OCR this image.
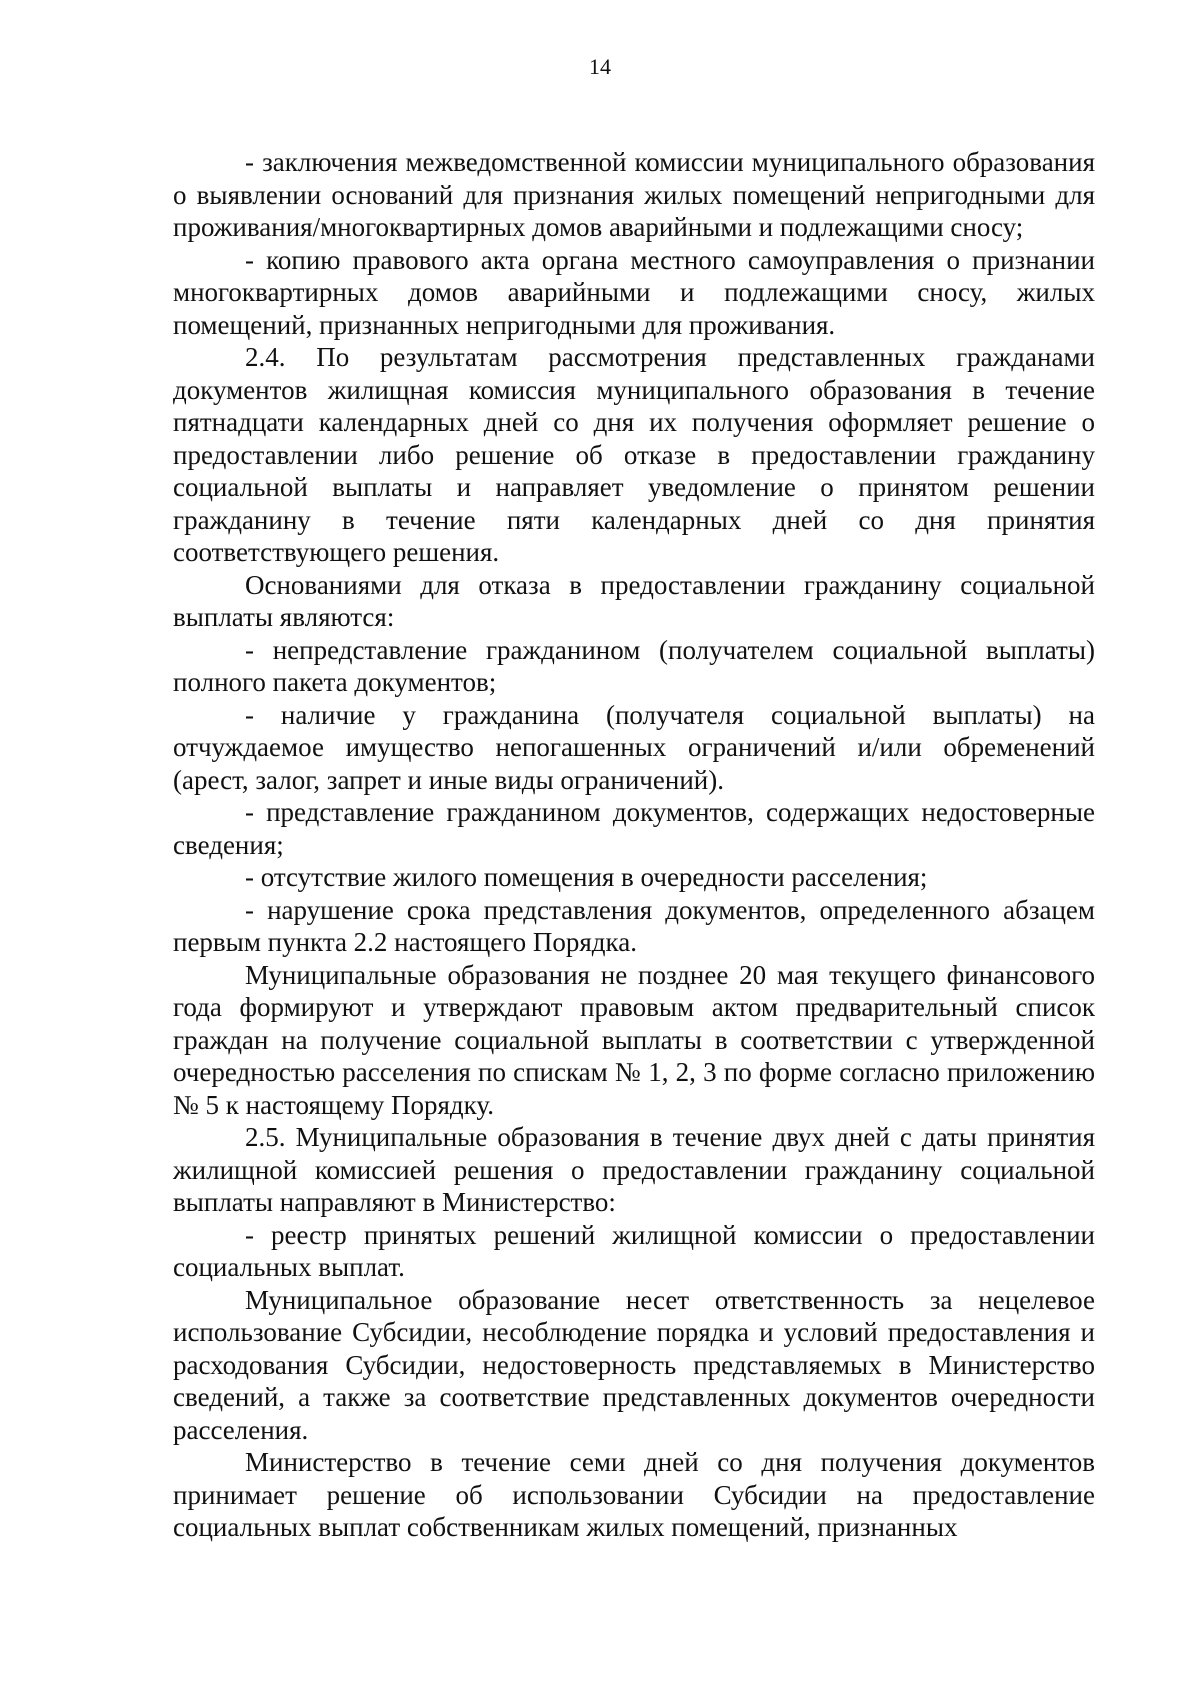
14

- заключения межведомственной комиссии муниципального образования о выявлении оснований для признания жилых помещений непригодными для проживания/многоквартирных домов аварийными и подлежащими сносу;

- копию правового акта органа местного самоуправления о признании многоквартирных домов аварийными и подлежащими сносу, жилых помещений, признанных непригодными для проживания.

2.4. По результатам рассмотрения представленных гражданами документов жилищная комиссия муниципального образования в течение пятнадцати календарных дней со дня их получения оформляет решение о предоставлении либо решение об отказе в предоставлении гражданину социальной выплаты и направляет уведомление о принятом решении гражданину в течение пяти календарных дней со дня принятия соответствующего решения.

Основаниями для отказа в предоставлении гражданину социальной выплаты являются:

- непредставление гражданином (получателем социальной выплаты) полного пакета документов;

- наличие у гражданина (получателя социальной выплаты) на отчуждаемое имущество непогашенных ограничений и/или обременений (арест, залог, запрет и иные виды ограничений).

- представление гражданином документов, содержащих недостоверные сведения;

- отсутствие жилого помещения в очередности расселения;

- нарушение срока представления документов, определенного абзацем первым пункта 2.2 настоящего Порядка.

Муниципальные образования не позднее 20 мая текущего финансового года формируют и утверждают правовым актом предварительный список граждан на получение социальной выплаты в соответствии с утвержденной очередностью расселения по спискам № 1, 2, 3 по форме согласно приложению № 5 к настоящему Порядку.

2.5. Муниципальные образования в течение двух дней с даты принятия жилищной комиссией решения о предоставлении гражданину социальной выплаты направляют в Министерство:

- реестр принятых решений жилищной комиссии о предоставлении социальных выплат.

Муниципальное образование несет ответственность за нецелевое использование Субсидии, несоблюдение порядка и условий предоставления и расходования Субсидии, недостоверность представляемых в Министерство сведений, а также за соответствие представленных документов очередности расселения.

Министерство в течение семи дней со дня получения документов принимает решение об использовании Субсидии на предоставление социальных выплат собственникам жилых помещений, признанных
